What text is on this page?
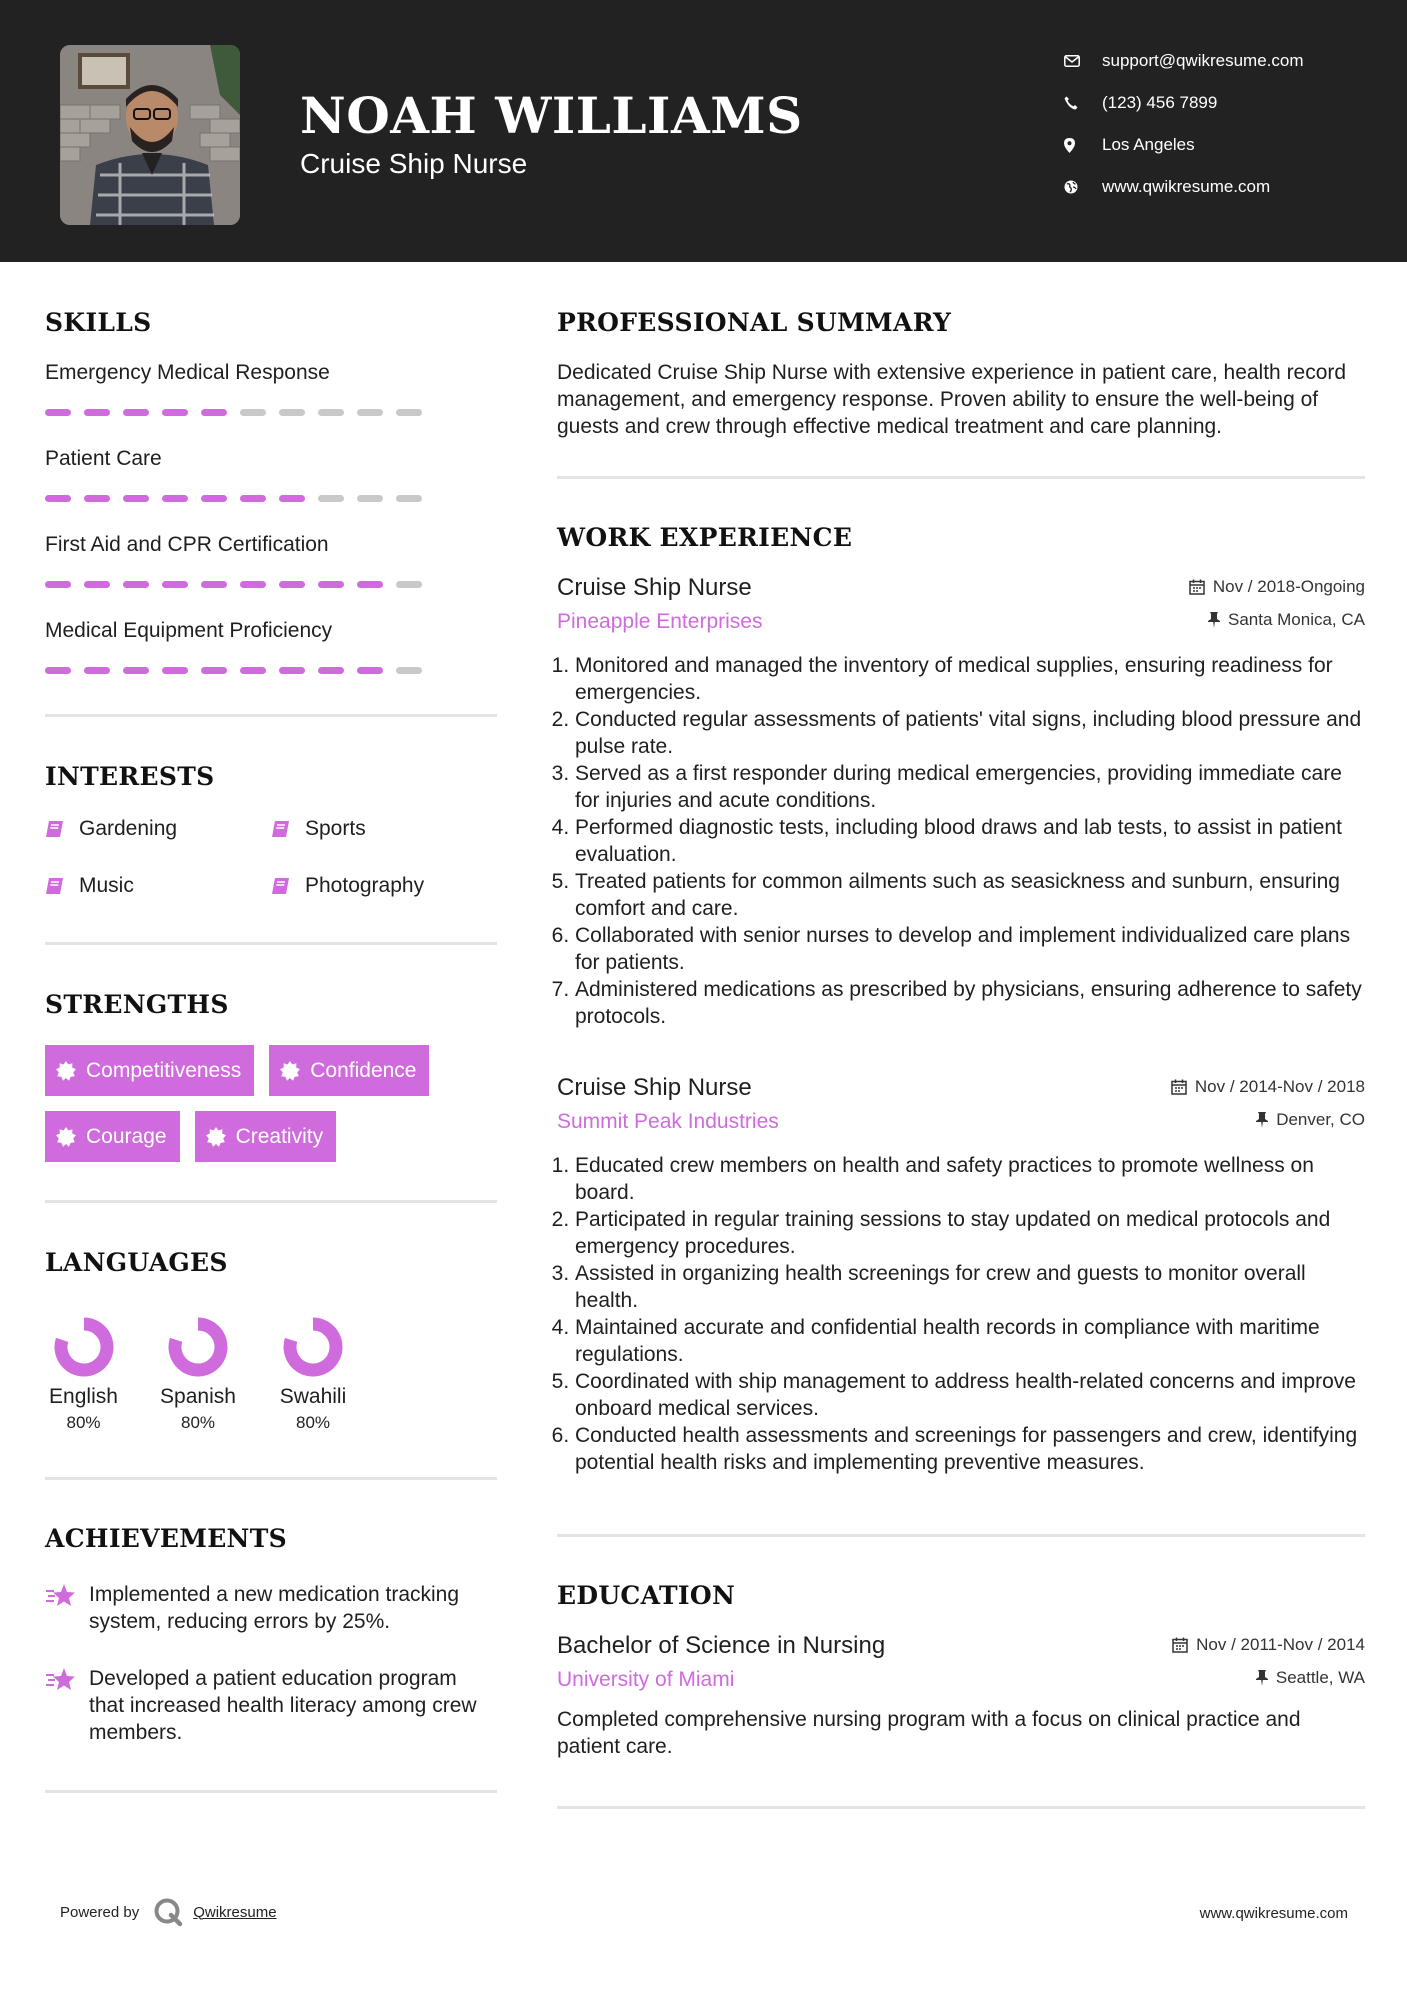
NOAH WILLIAMS
Cruise Ship Nurse
support@qwikresume.com
(123) 456 7899
Los Angeles
www.qwikresume.com
SKILLS
Emergency Medical Response
Patient Care
First Aid and CPR Certification
Medical Equipment Proficiency
INTERESTS
Gardening	Sports
Music	Photography
STRENGTHS
Competitiveness	Confidence
Courage	Creativity
LANGUAGES
English
80%
Spanish
80%
Swahili
80%
ACHIEVEMENTS
Implemented a new medication tracking system, reducing errors by 25%.
Developed a patient education program that increased health literacy among crew members.
PROFESSIONAL SUMMARY
Dedicated Cruise Ship Nurse with extensive experience in patient care, health record management, and emergency response. Proven ability to ensure the well-being of guests and crew through effective medical treatment and care planning.
WORK EXPERIENCE
Cruise Ship Nurse	Nov / 2018-Ongoing
Pineapple Enterprises	Santa Monica, CA
1. Monitored and managed the inventory of medical supplies, ensuring readiness for emergencies.
2. Conducted regular assessments of patients' vital signs, including blood pressure and pulse rate.
3. Served as a first responder during medical emergencies, providing immediate care for injuries and acute conditions.
4. Performed diagnostic tests, including blood draws and lab tests, to assist in patient evaluation.
5. Treated patients for common ailments such as seasickness and sunburn, ensuring comfort and care.
6. Collaborated with senior nurses to develop and implement individualized care plans for patients.
7. Administered medications as prescribed by physicians, ensuring adherence to safety protocols.
Cruise Ship Nurse	Nov / 2014-Nov / 2018
Summit Peak Industries	Denver, CO
1. Educated crew members on health and safety practices to promote wellness on board.
2. Participated in regular training sessions to stay updated on medical protocols and emergency procedures.
3. Assisted in organizing health screenings for crew and guests to monitor overall health.
4. Maintained accurate and confidential health records in compliance with maritime regulations.
5. Coordinated with ship management to address health-related concerns and improve onboard medical services.
6. Conducted health assessments and screenings for passengers and crew, identifying potential health risks and implementing preventive measures.
EDUCATION
Bachelor of Science in Nursing	Nov / 2011-Nov / 2014
University of Miami	Seattle, WA
Completed comprehensive nursing program with a focus on clinical practice and patient care.
Powered by	Qwikresume	www.qwikresume.com
